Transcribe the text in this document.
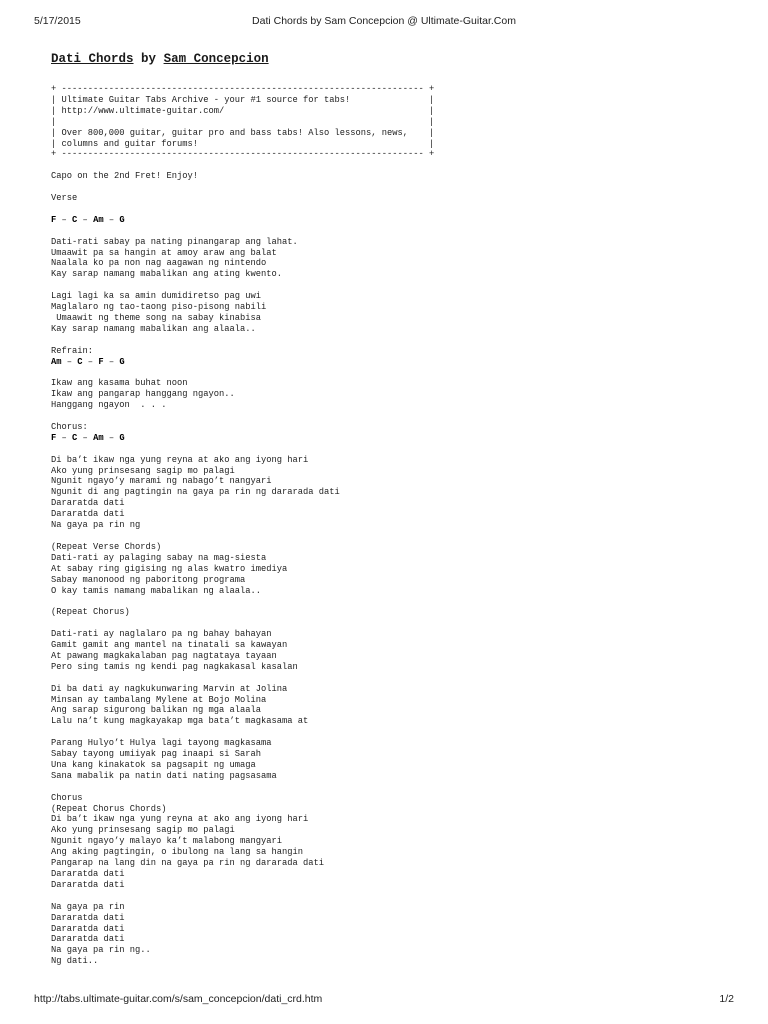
5/17/2015	Dati Chords by Sam Concepcion @ Ultimate-Guitar.Com
Dati Chords by Sam Concepcion
+ --------------------------------------------------------------------- +
| Ultimate Guitar Tabs Archive - your #1 source for tabs!               |
| http://www.ultimate-guitar.com/                                       |
|                                                                       |
| Over 800,000 guitar, guitar pro and bass tabs! Also lessons, news,    |
| columns and guitar forums!                                            |
+ --------------------------------------------------------------------- +
Capo on the 2nd Fret! Enjoy!
Verse
F – C – Am – G
Dati-rati sabay pa nating pinangarap ang lahat.
Umaawit pa sa hangin at amoy araw ang balat
Naalala ko pa non nag aagawan ng nintendo
Kay sarap namang mabalikan ang ating kwento.
Lagi lagi ka sa amin dumidiretso pag uwi
Maglalaro ng tao-taong piso-pisong nabili
Umaawit ng theme song na sabay kinabisa
Kay sarap namang mabalikan ang alaala..
Refrain:
Am – C – F – G
Ikaw ang kasama buhat noon
Ikaw ang pangarap hanggang ngayon..
Hanggang ngayon  . . .
Chorus:
F – C – Am – G
Di ba’t ikaw nga yung reyna at ako ang iyong hari
Ako yung prinsesang sagip mo palagi
Ngunit ngayo’y marami ng nabago’t nangyari
Ngunit di ang pagtingin na gaya pa rin ng dararada dati
Dararatda dati
Dararatda dati
Na gaya pa rin ng
(Repeat Verse Chords)
Dati-rati ay palaging sabay na mag-siesta
At sabay ring gigising ng alas kwatro imediya
Sabay manonood ng paboritong programa
O kay tamis namang mabalikan ng alaala..
(Repeat Chorus)
Dati-rati ay naglalaro pa ng bahay bahayan
Gamit gamit ang mantel na tinatali sa kawayan
At pawang magkakalaban pag nagtataya tayaan
Pero sing tamis ng kendi pag nagkakasal kasalan
Di ba dati ay nagkukunwaring Marvin at Jolina
Minsan ay tambalang Mylene at Bojo Molina
Ang sarap sigurong balikan ng mga alaala
Lalu na’t kung magkayakap mga bata’t magkasama at
Parang Hulyo’t Hulya lagi tayong magkasama
Sabay tayong umiiyak pag inaapi si Sarah
Una kang kinakatok sa pagsapit ng umaga
Sana mabalik pa natin dati nating pagsasama
Chorus
(Repeat Chorus Chords)
Di ba’t ikaw nga yung reyna at ako ang iyong hari
Ako yung prinsesang sagip mo palagi
Ngunit ngayo’y malayo ka’t malabong mangyari
Ang aking pagtingin, o ibulong na lang sa hangin
Pangarap na lang din na gaya pa rin ng dararada dati
Dararatda dati
Dararatda dati
Na gaya pa rin
Dararatda dati
Dararatda dati
Dararatda dati
Na gaya pa rin ng..
Ng dati..
http://tabs.ultimate-guitar.com/s/sam_concepcion/dati_crd.htm	1/2
